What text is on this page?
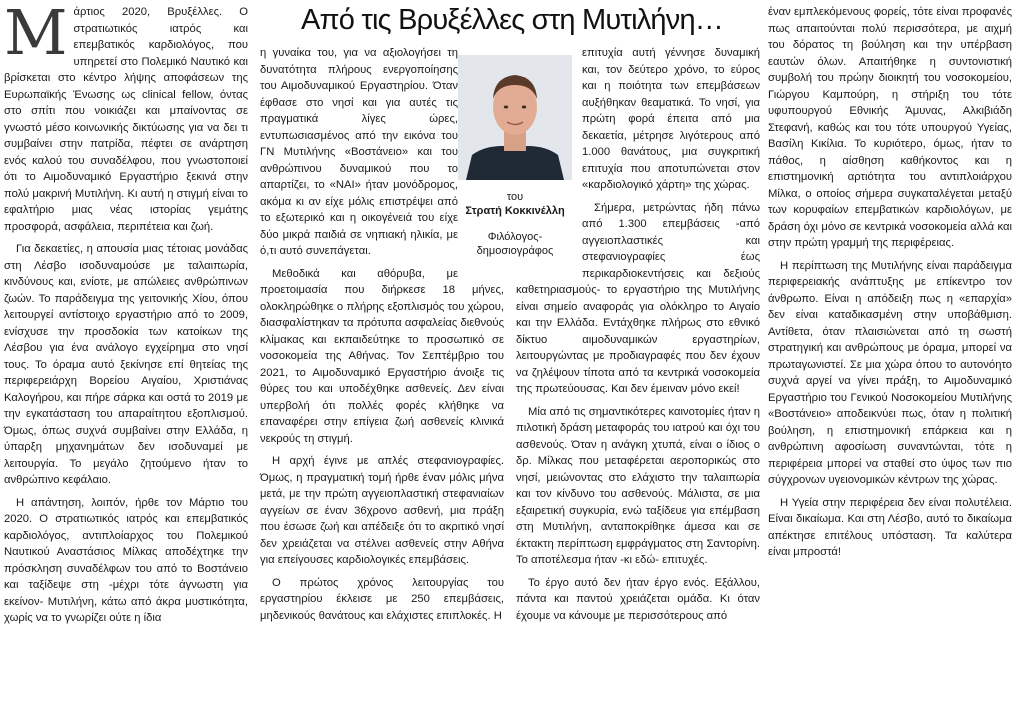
Από τις Βρυξέλλες στη Μυτιλήνη…
του
Στρατή Κοκκινέλλη
Φιλόλογος- δημοσιογράφος

Μάρτιος 2020, Βρυξέλλες. Ο στρατιωτικός ιατρός και επεμβατικός καρδιολόγος, που υπηρετεί στο Πολεμικό Ναυτικό και βρίσκεται στο κέντρο λήψης αποφάσεων της Ευρωπαϊκής Ένωσης ως clinical fellow, όντας στο σπίτι που νοικιάζει και μπαίνοντας σε γνωστό μέσο κοινωνικής δικτύωσης για να δει τι συμβαίνει στην πατρίδα, πέφτει σε ανάρτηση ενός καλού του συναδέλφου, που γνωστοποιεί ότι το Αιμοδυναμικό Εργαστήριο ξεκινά στην πολύ μακρινή Μυτιλήνη. Κι αυτή η στιγμή είναι το εφαλτήριο μιας νέας ιστορίας γεμάτης προσφορά, ασφάλεια, περιπέτεια και ζωή.

Για δεκαετίες, η απουσία μιας τέτοιας μονάδας στη Λέσβο ισοδυναμούσε με ταλαιπωρία, κινδύνους και, ενίοτε, με απώλειες ανθρώπινων ζωών. Το παράδειγμα της γειτονικής Χίου, όπου λειτουργεί αντίστοιχο εργαστήριο από το 2009, ενίσχυσε την προσδοκία των κατοίκων της Λέσβου για ένα ανάλογο εγχείρημα στο νησί τους. Το όραμα αυτό ξεκίνησε επί θητείας της περιφερειάρχη Βορείου Αιγαίου, Χριστιάνας Καλογήρου, και πήρε σάρκα και οστά το 2019 με την εγκατάσταση του απαραίτητου εξοπλισμού. Όμως, όπως συχνά συμβαίνει στην Ελλάδα, η ύπαρξη μηχανημάτων δεν ισοδυναμεί με λειτουργία. Το μεγάλο ζητούμενο ήταν το ανθρώπινο κεφάλαιο.

Η απάντηση, λοιπόν, ήρθε τον Μάρτιο του 2020. Ο στρατιωτικός ιατρός και επεμβατικός καρδιολόγος, αντιπλοίαρχος του Πολεμικού Ναυτικού Αναστάσιος Μίλκας αποδέχτηκε την πρόσκληση συναδέλφων του από το Βοστάνειο και ταξίδεψε στη -μέχρι τότε άγνωστη για εκείνον- Μυτιλήνη, κάτω από άκρα μυστικότητα, χωρίς να το γνωρίζει ούτε η ίδια

η γυναίκα του, για να αξιολογήσει τη δυνατότητα πλήρους ενεργοποίησης του Αιμοδυναμικού Εργαστηρίου. Όταν έφθασε στο νησί και για αυτές τις πραγματικά λίγες ώρες, εντυπωσιασμένος από την εικόνα του ΓΝ Μυτιλήνης «Βοστάνειο» και του ανθρώπινου δυναμικού που το απαρτίζει, το «ΝΑΙ» ήταν μονόδρομος, ακόμα κι αν είχε μόλις επιστρέψει από το εξωτερικό και η οικογένειά του είχε δύο μικρά παιδιά σε νηπιακή ηλικία, με ό,τι αυτό συνεπάγεται.

Μεθοδικά και αθόρυβα, με προετοιμασία που διήρκεσε 18 μήνες, ολοκληρώθηκε ο πλήρης εξοπλισμός του χώρου, διασφαλίστηκαν τα πρότυπα ασφαλείας διεθνούς κλίμακας και εκπαιδεύτηκε το προσωπικό σε νοσοκομεία της Αθήνας. Τον Σεπτέμβριο του 2021, το Αιμοδυναμικό Εργαστήριο άνοιξε τις θύρες του και υποδέχθηκε ασθενείς. Δεν είναι υπερβολή ότι πολλές φορές κλήθηκε να επαναφέρει στην επίγεια ζωή ασθενείς κλινικά νεκρούς τη στιγμή.

Η αρχή έγινε με απλές στεφανιογραφίες. Όμως, η πραγματική τομή ήρθε έναν μόλις μήνα μετά, με την πρώτη αγγειοπλαστική στεφανιαίων αγγείων σε έναν 36χρονο ασθενή, μια πράξη που έσωσε ζωή και απέδειξε ότι το ακριτικό νησί δεν χρειάζεται να στέλνει ασθενείς στην Αθήνα για επείγουσες καρδιολογικές επεμβάσεις.

Ο πρώτος χρόνος λειτουργίας του εργαστηρίου έκλεισε με 250 επεμβάσεις, μηδενικούς θανάτους και ελάχιστες επιπλοκές. Η

επιτυχία αυτή γέννησε δυναμική και, τον δεύτερο χρόνο, το εύρος και η ποιότητα των επεμβάσεων αυξήθηκαν θεαματικά. Το νησί, για πρώτη φορά έπειτα από μια δεκαετία, μέτρησε λιγότερους από 1.000 θανάτους, μια συγκριτική επιτυχία που αποτυπώνεται στον «καρδιολογικό χάρτη» της χώρας.

Σήμερα, μετρώντας ήδη πάνω από 1.300 επεμβάσεις -από αγγειοπλαστικές και στεφανιογραφίες έως περικαρδιοκεντήσεις και δεξιούς καθετηριασμούς- το εργαστήριο της Μυτιλήνης είναι σημείο αναφοράς για ολόκληρο το Αιγαίο και την Ελλάδα. Εντάχθηκε πλήρως στο εθνικό δίκτυο αιμοδυναμικών εργαστηρίων, λειτουργώντας με προδιαγραφές που δεν έχουν να ζηλέψουν τίποτα από τα κεντρικά νοσοκομεία της πρωτεύουσας. Και δεν έμειναν μόνο εκεί!

Μία από τις σημαντικότερες καινοτομίες ήταν η πιλοτική δράση μεταφοράς του ιατρού και όχι του ασθενούς. Όταν η ανάγκη χτυπά, είναι ο ίδιος ο δρ. Μίλκας που μεταφέρεται αεροπορικώς στο νησί, μειώνοντας στο ελάχιστο την ταλαιπωρία και τον κίνδυνο του ασθενούς. Μάλιστα, σε μια εξαιρετική συγκυρία, ενώ ταξίδευε για επέμβαση στη Μυτιλήνη, ανταποκρίθηκε άμεσα και σε έκτακτη περίπτωση εμφράγματος στη Σαντορίνη. Το αποτέλεσμα ήταν -κι εδώ- επιτυχές.

Το έργο αυτό δεν ήταν έργο ενός. Εξάλλου, πάντα και παντού χρειάζεται ομάδα. Κι όταν έχουμε να κάνουμε με περισσότερους από

έναν εμπλεκόμενους φορείς, τότε είναι προφανές πως απαιτούνται πολύ περισσότερα, με αιχμή του δόρατος τη βούληση και την υπέρβαση εαυτών όλων. Απαιτήθηκε η συντονιστική συμβολή του πρώην διοικητή του νοσοκομείου, Γιώργου Καμπούρη, η στήριξη του τότε υφυπουργού Εθνικής Άμυνας, Αλκιβιάδη Στεφανή, καθώς και του τότε υπουργού Υγείας, Βασίλη Κικίλια. Το κυριότερο, όμως, ήταν το πάθος, η αίσθηση καθήκοντος και η επιστημονική αρτιότητα του αντιπλοιάρχου Μίλκα, ο οποίος σήμερα συγκαταλέγεται μεταξύ των κορυφαίων επεμβατικών καρδιολόγων, με δράση όχι μόνο σε κεντρικά νοσοκομεία αλλά και στην πρώτη γραμμή της περιφέρειας.

Η περίπτωση της Μυτιλήνης είναι παράδειγμα περιφερειακής ανάπτυξης με επίκεντρο τον άνθρωπο. Είναι η απόδειξη πως η «επαρχία» δεν είναι καταδικασμένη στην υποβάθμιση. Αντίθετα, όταν πλαισιώνεται από τη σωστή στρατηγική και ανθρώπους με όραμα, μπορεί να πρωταγωνιστεί. Σε μια χώρα όπου το αυτονόητο συχνά αργεί να γίνει πράξη, το Αιμοδυναμικό Εργαστήριο του Γενικού Νοσοκομείου Μυτιλήνης «Βοστάνειο» αποδεικνύει πως, όταν η πολιτική βούληση, η επιστημονική επάρκεια και η ανθρώπινη αφοσίωση συναντώνται, τότε η περιφέρεια μπορεί να σταθεί στο ύψος των πιο σύγχρονων υγειονομικών κέντρων της χώρας.

Η Υγεία στην περιφέρεια δεν είναι πολυτέλεια. Είναι δικαίωμα. Και στη Λέσβο, αυτό το δικαίωμα απέκτησε επιτέλους υπόσταση. Τα καλύτερα είναι μπροστά!
